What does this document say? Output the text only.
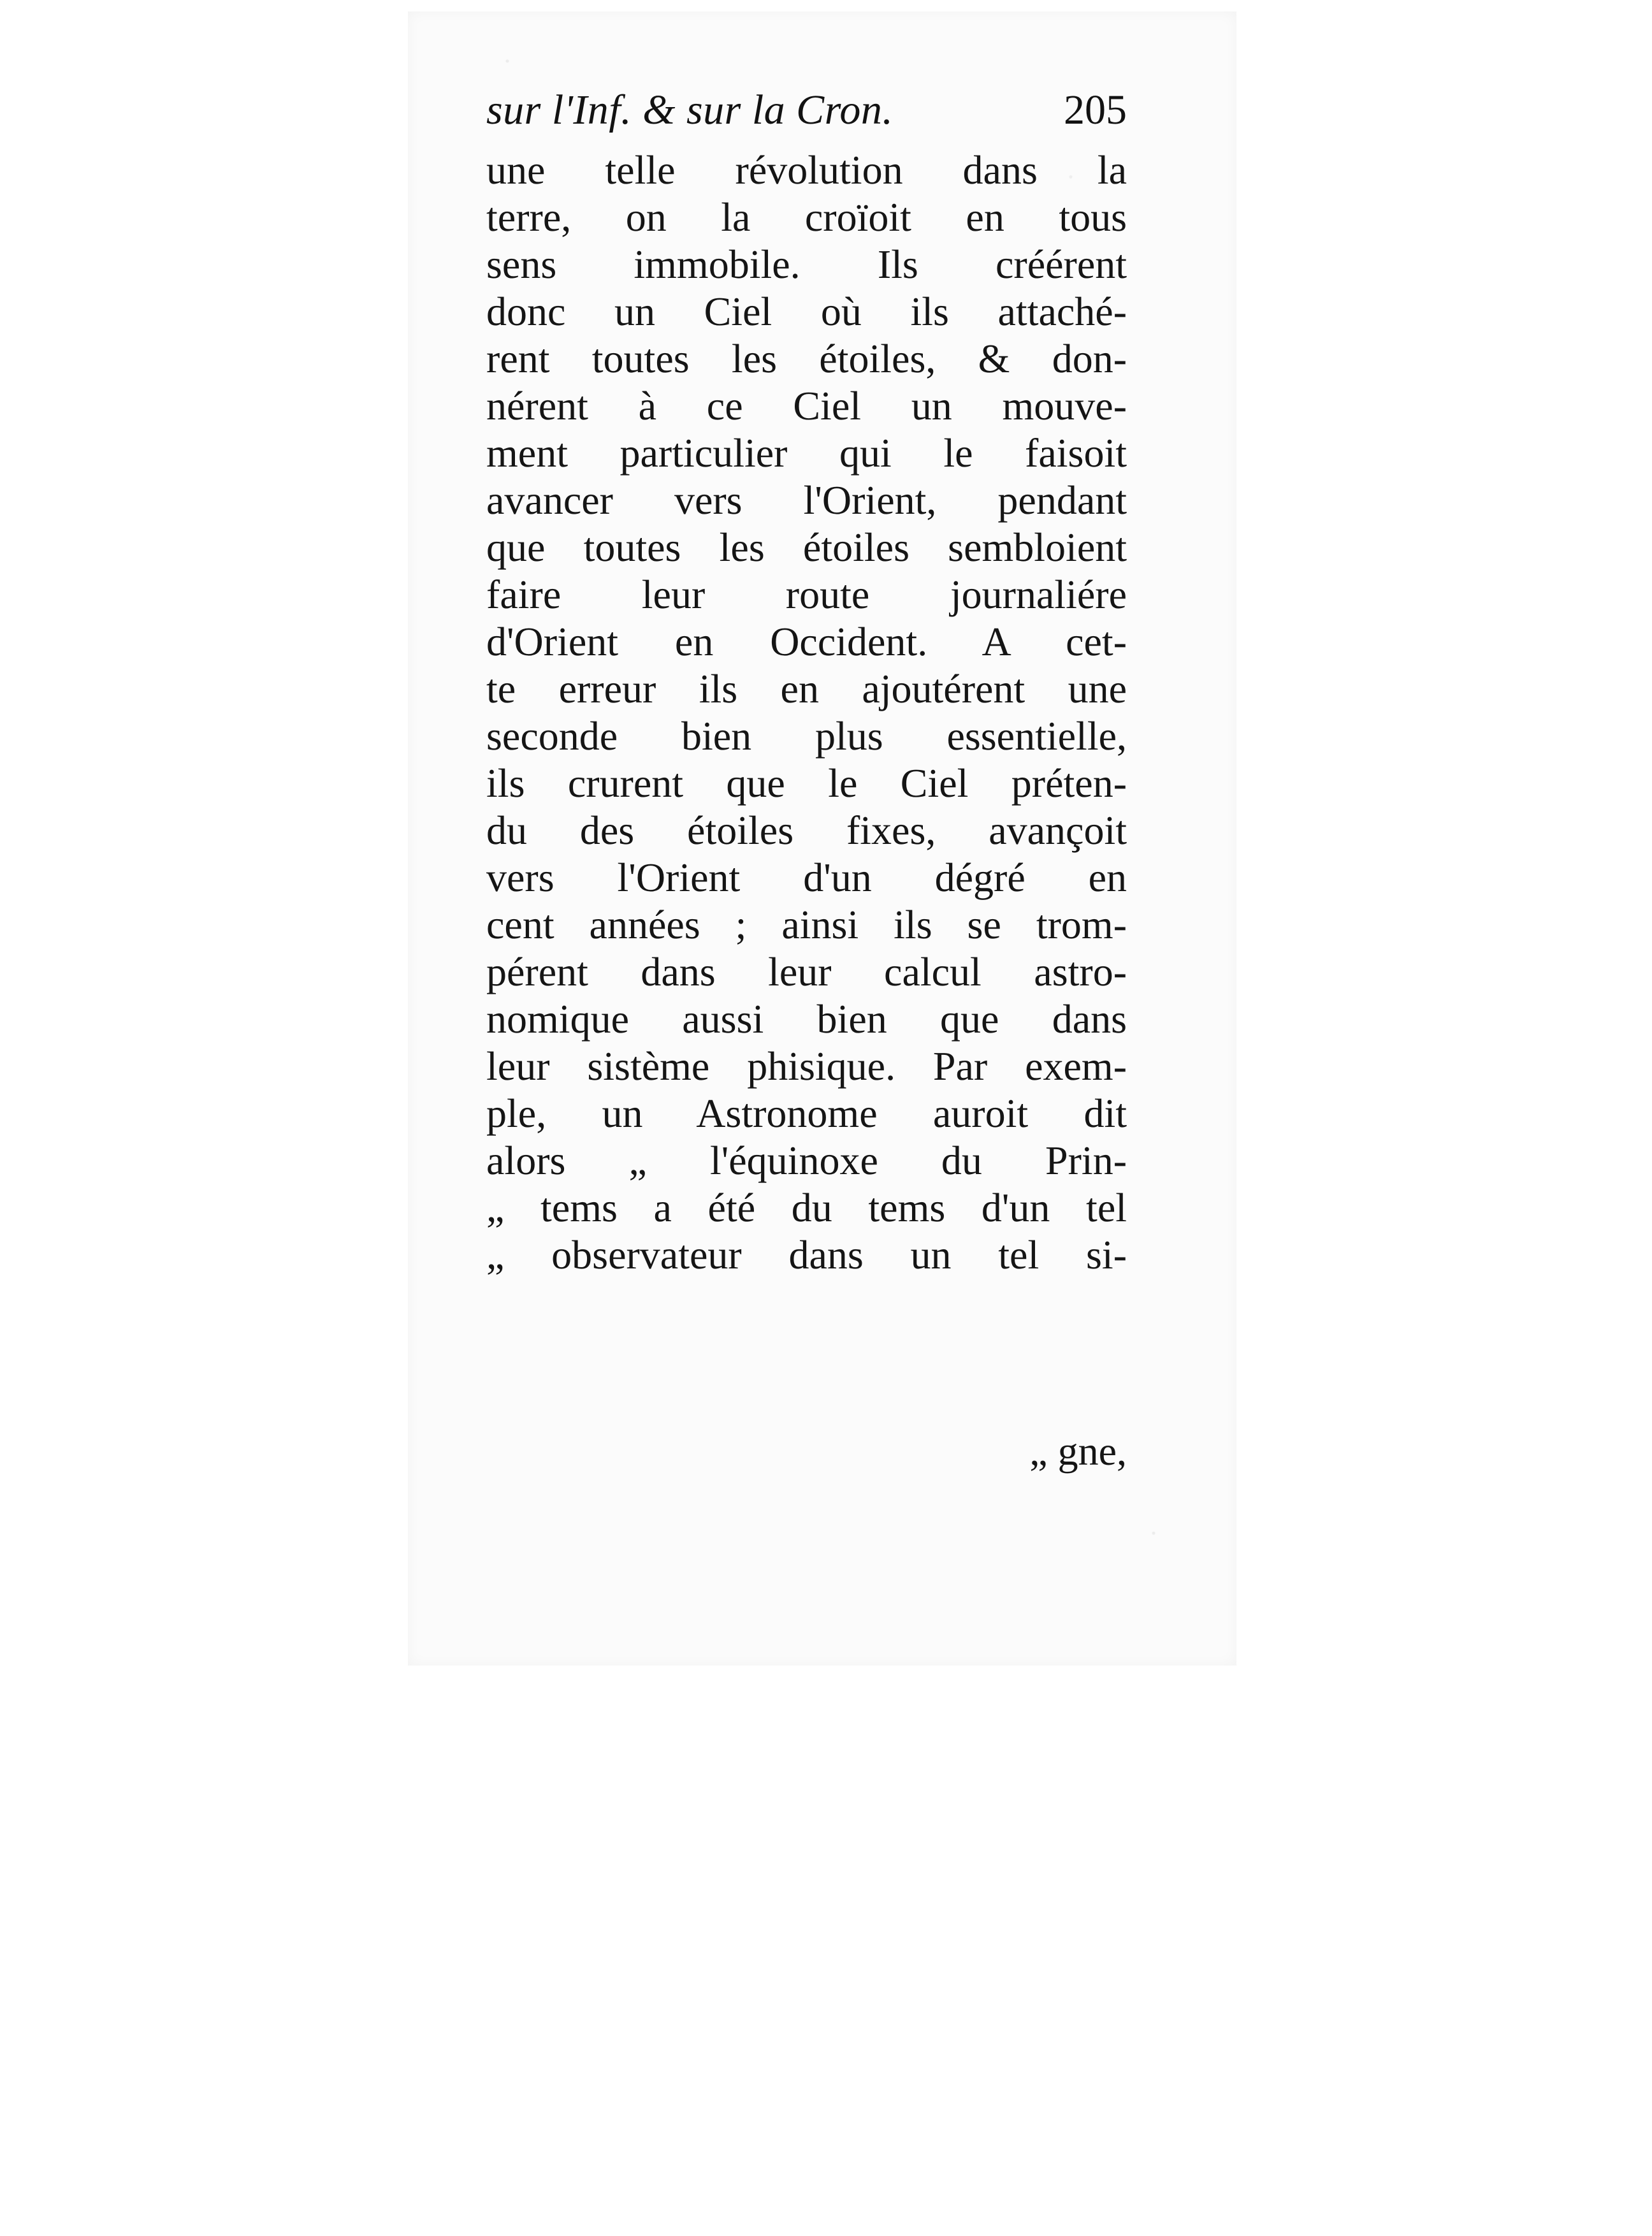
sur l'Inf. & sur la Cron.	205
une telle révolution dans la
terre, on la croïoit en tous
sens immobile. Ils créérent
donc un Ciel où ils attaché-
rent toutes les étoiles, & don-
nérent à ce Ciel un mouve-
ment particulier qui le faisoit
avancer vers l'Orient, pendant
que toutes les étoiles sembloient
faire leur route journaliére
d'Orient en Occident. A cet-
te erreur ils en ajoutérent une
seconde bien plus essentielle,
ils crurent que le Ciel préten-
du des étoiles fixes, avançoit
vers l'Orient d'un dégré en
cent années ; ainsi ils se trom-
pérent dans leur calcul astro-
nomique aussi bien que dans
leur sistème phisique. Par exem-
ple, un Astronome auroit dit
alors „ l'équinoxe du Prin-
„ tems a été du tems d'un tel
„ observateur dans un tel si-
„ gne,
